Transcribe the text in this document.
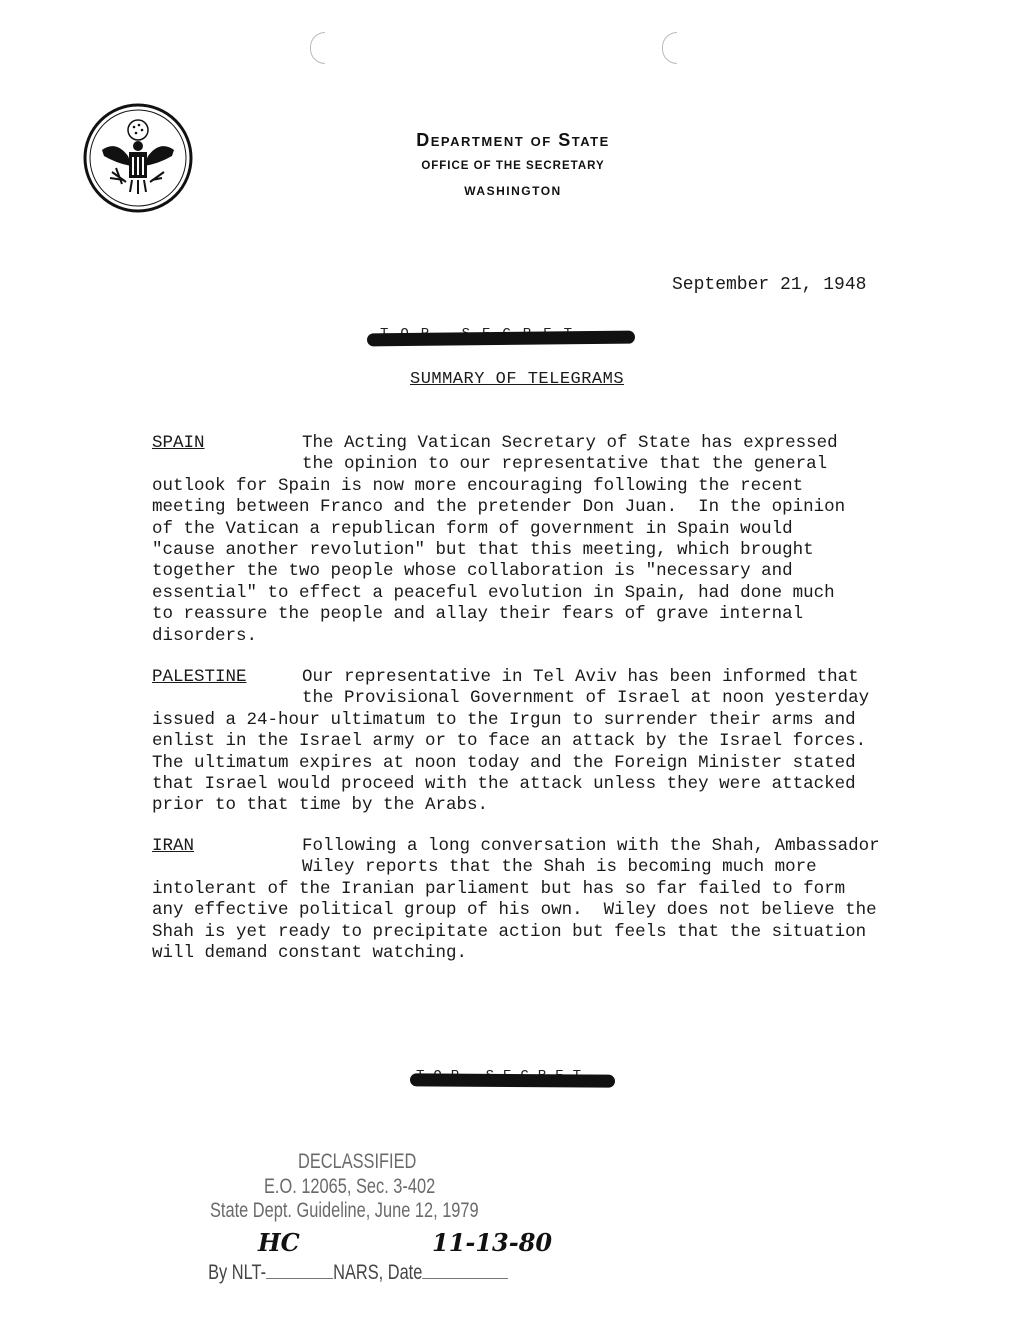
Department of State
OFFICE OF THE SECRETARY
WASHINGTON
September 21, 1948
SUMMARY OF TELEGRAMS
SPAIN	The Acting Vatican Secretary of State has expressed
the opinion to our representative that the general
outlook for Spain is now more encouraging following the recent
meeting between Franco and the pretender Don Juan.  In the opinion
of the Vatican a republican form of government in Spain would
"cause another revolution" but that this meeting, which brought
together the two people whose collaboration is "necessary and
essential" to effect a peaceful evolution in Spain, had done much
to reassure the people and allay their fears of grave internal
disorders.
PALESTINE	Our representative in Tel Aviv has been informed that
the Provisional Government of Israel at noon yesterday
issued a 24-hour ultimatum to the Irgun to surrender their arms and
enlist in the Israel army or to face an attack by the Israel forces.
The ultimatum expires at noon today and the Foreign Minister stated
that Israel would proceed with the attack unless they were attacked
prior to that time by the Arabs.
IRAN	Following a long conversation with the Shah, Ambassador
Wiley reports that the Shah is becoming much more
intolerant of the Iranian parliament but has so far failed to form
any effective political group of his own.  Wiley does not believe the
Shah is yet ready to precipitate action but feels that the situation
will demand constant watching.
DECLASSIFIED
E.O. 12065, Sec. 3-402
State Dept. Guideline, June 12, 1979

By NLT-	NARS, Date

HC	11-13-80
